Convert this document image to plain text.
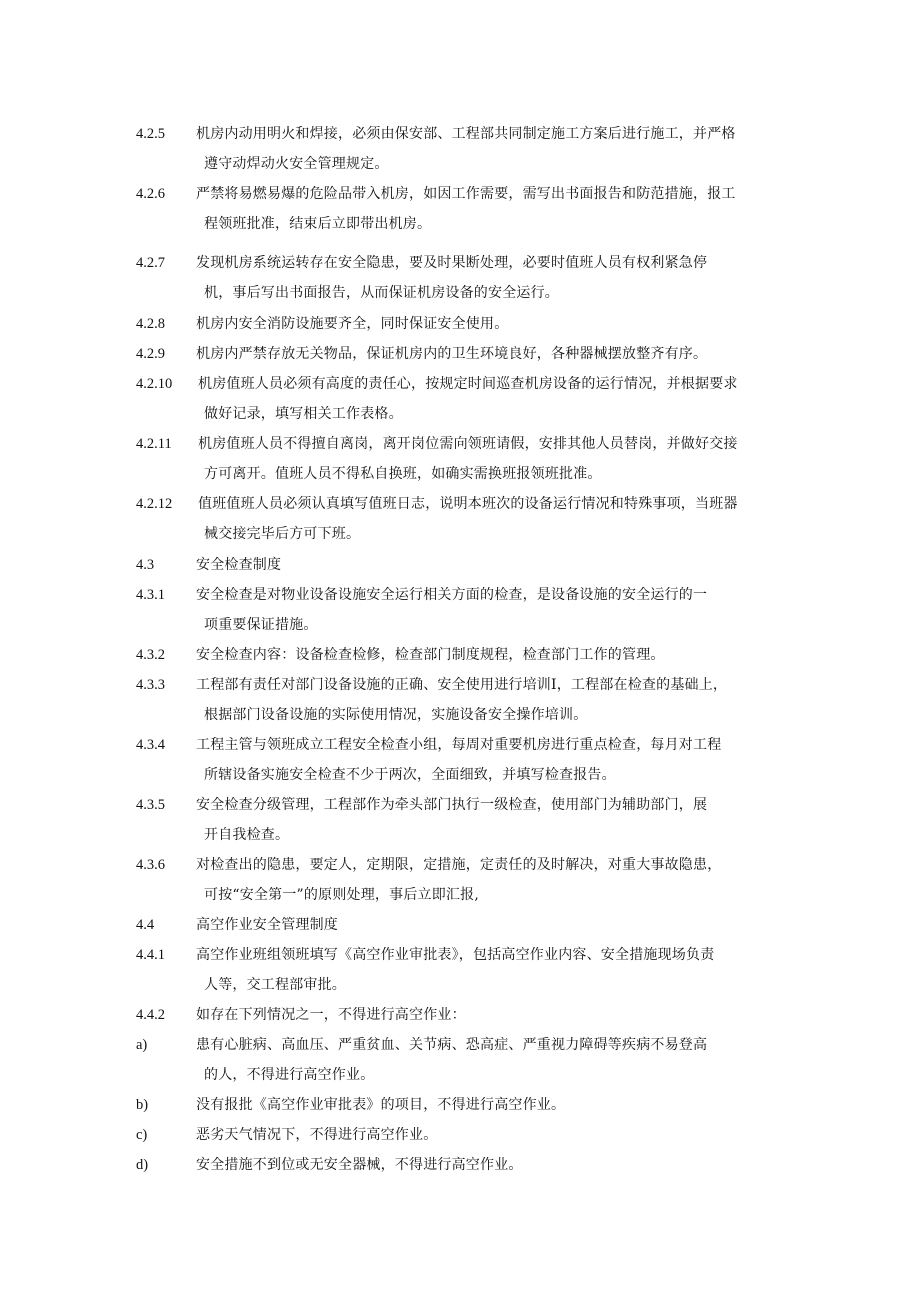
4.2.5	机房内动用明火和焊接，必须由保安部、工程部共同制定施工方案后进行施工，并严格
遵守动焊动火安全管理规定。
4.2.6	严禁将易燃易爆的危险品带入机房，如因工作需要，需写出书面报告和防范措施，报工
程领班批准，结束后立即带出机房。
4.2.7	发现机房系统运转存在安全隐患，要及时果断处理，必要时值班人员有权利紧急停
机，事后写出书面报告，从而保证机房设备的安全运行。
4.2.8	机房内安全消防设施要齐全，同时保证安全使用。
4.2.9	机房内严禁存放无关物品，保证机房内的卫生环境良好，各种器械摆放整齐有序。
4.2.10	机房值班人员必须有高度的责任心，按规定时间巡查机房设备的运行情况，并根据要求
做好记录，填写相关工作表格。
4.2.11	机房值班人员不得擅自离岗，离开岗位需向领班请假，安排其他人员替岗，并做好交接
方可离开。值班人员不得私自换班，如确实需换班报领班批准。
4.2.12	值班值班人员必须认真填写值班日志，说明本班次的设备运行情况和特殊事项，当班器
械交接完毕后方可下班。
4.3	安全检查制度
4.3.1	安全检查是对物业设备设施安全运行相关方面的检查，是设备设施的安全运行的一
项重要保证措施。
4.3.2	安全检查内容：设备检查检修，检查部门制度规程，检查部门工作的管理。
4.3.3	工程部有责任对部门设备设施的正确、安全使用进行培训I，工程部在检查的基础上，
根据部门设备设施的实际使用情况，实施设备安全操作培训。
4.3.4	工程主管与领班成立工程安全检查小组，每周对重要机房进行重点检查，每月对工程
所辖设备实施安全检查不少于两次，全面细致，并填写检查报告。
4.3.5	安全检查分级管理，工程部作为牵头部门执行一级检查，使用部门为辅助部门，展
开自我检查。
4.3.6	对检查出的隐患，要定人，定期限，定措施，定责任的及时解决，对重大事故隐患，
可按“安全第一”的原则处理，事后立即汇报,
4.4	高空作业安全管理制度
4.4.1	高空作业班组领班填写《高空作业审批表》，包括高空作业内容、安全措施现场负责
人等，交工程部审批。
4.4.2	如存在下列情况之一，不得进行高空作业：
a)	患有心脏病、高血压、严重贫血、关节病、恐高症、严重视力障碍等疾病不易登高
的人，不得进行高空作业。
b)	没有报批《高空作业审批表》的项目，不得进行高空作业。
c)	恶劣天气情况下，不得进行高空作业。
d)	安全措施不到位或无安全器械，不得进行高空作业。
